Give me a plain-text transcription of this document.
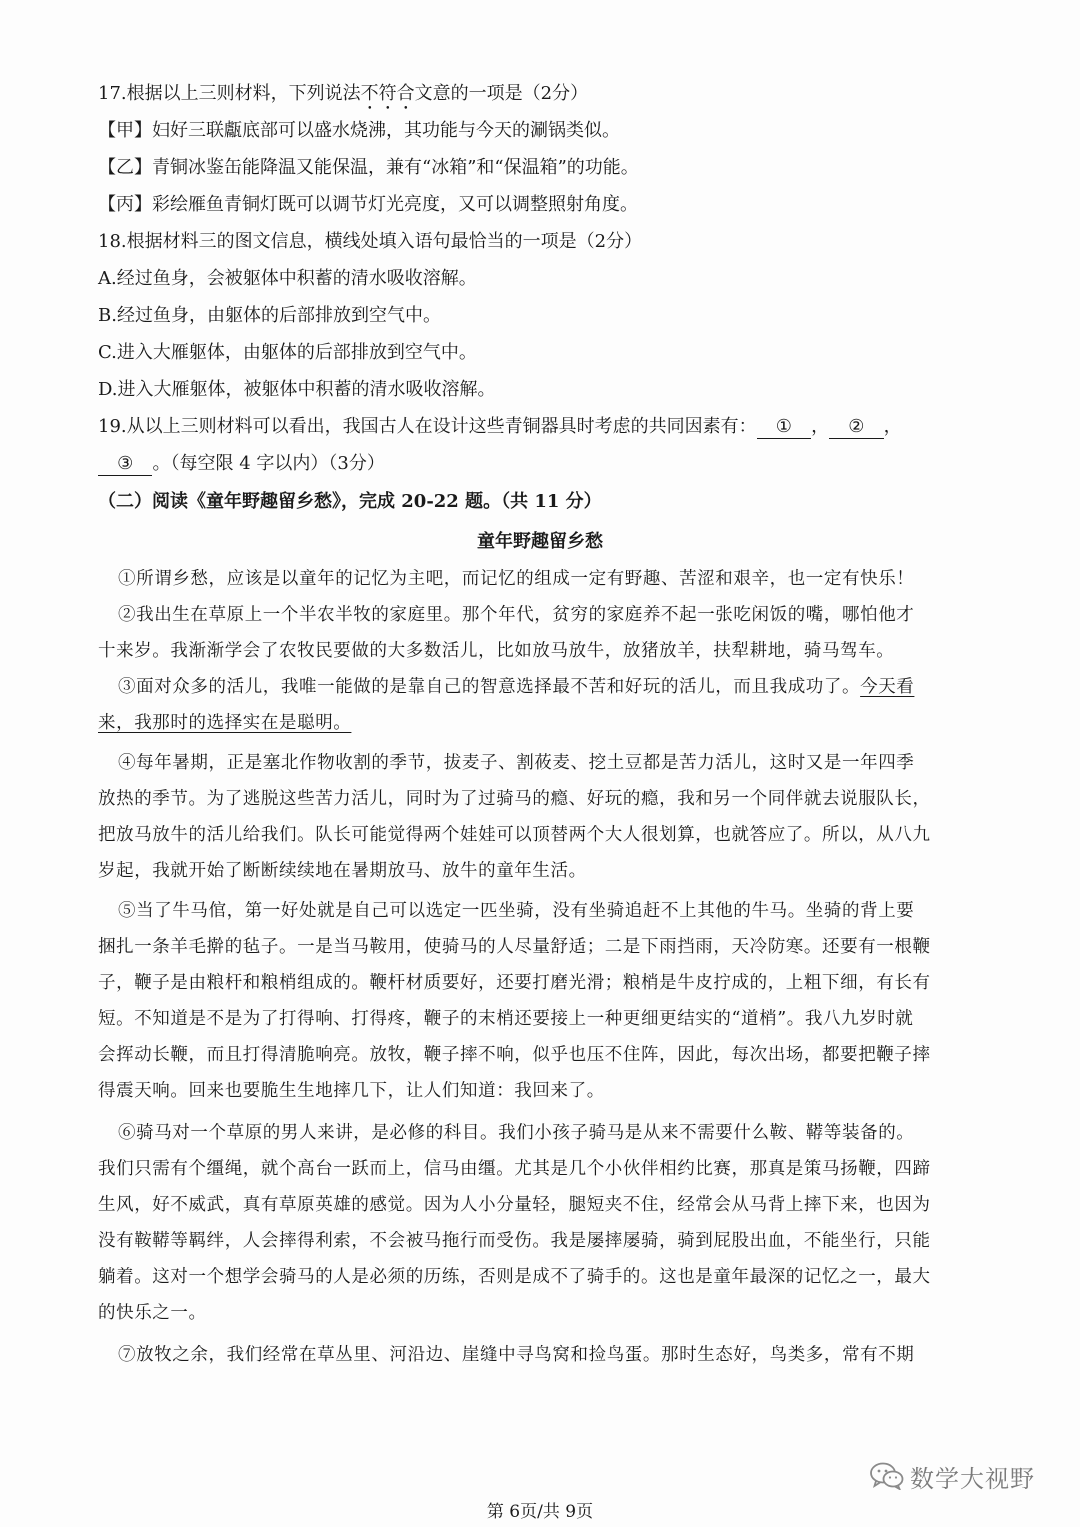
17.根据以上三则材料，下列说法不符合文意的一项是（2分）
【甲】妇好三联甗底部可以盛水烧沸，其功能与今天的涮锅类似。
【乙】青铜冰鉴缶能降温又能保温，兼有“冰箱”和“保温箱”的功能。
【丙】彩绘雁鱼青铜灯既可以调节灯光亮度，又可以调整照射角度。
18.根据材料三的图文信息，横线处填入语句最恰当的一项是（2分）
A.经过鱼身，会被躯体中积蓄的清水吸收溶解。
B.经过鱼身，由躯体的后部排放到空气中。
C.进入大雁躯体，由躯体的后部排放到空气中。
D.进入大雁躯体，被躯体中积蓄的清水吸收溶解。
19.从以上三则材料可以看出，我国古人在设计这些青铜器具时考虑的共同因素有： ① ， ② ，
③ 。（每空限 4 字以内）（3分）
（二）阅读《童年野趣留乡愁》，完成 20-22 题。（共 11 分）
童年野趣留乡愁
①所谓乡愁，应该是以童年的记忆为主吧，而记忆的组成一定有野趣、苦涩和艰辛，也一定有快乐！
②我出生在草原上一个半农半牧的家庭里。那个年代，贫穷的家庭养不起一张吃闲饭的嘴，哪怕他才
十来岁。我渐渐学会了农牧民要做的大多数活儿，比如放马放牛，放猪放羊，扶犁耕地，骑马驾车。
③面对众多的活儿，我唯一能做的是靠自己的智意选择最不苦和好玩的活儿，而且我成功了。今天看
来，我那时的选择实在是聪明。
④每年暑期，正是塞北作物收割的季节，拔麦子、割莜麦、挖土豆都是苦力活儿，这时又是一年四季
放热的季节。为了逃脱这些苦力活儿，同时为了过骑马的瘾、好玩的瘾，我和另一个同伴就去说服队长，
把放马放牛的活儿给我们。队长可能觉得两个娃娃可以顶替两个大人很划算，也就答应了。所以，从八九
岁起，我就开始了断断续续地在暑期放马、放牛的童年生活。
⑤当了牛马倌，第一好处就是自己可以选定一匹坐骑，没有坐骑追赶不上其他的牛马。坐骑的背上要
捆扎一条羊毛擀的毡子。一是当马鞍用，使骑马的人尽量舒适；二是下雨挡雨，天冷防寒。还要有一根鞭
子，鞭子是由粮杆和粮梢组成的。鞭杆材质要好，还要打磨光滑；粮梢是牛皮拧成的，上粗下细，有长有
短。不知道是不是为了打得响、打得疼，鞭子的末梢还要接上一种更细更结实的“道梢”。我八九岁时就
会挥动长鞭，而且打得清脆响亮。放牧，鞭子摔不响，似乎也压不住阵，因此，每次出场，都要把鞭子摔
得震天响。回来也要脆生生地摔几下，让人们知道：我回来了。
⑥骑马对一个草原的男人来讲，是必修的科目。我们小孩子骑马是从来不需要什么鞍、鞯等装备的。
我们只需有个缰绳，就个高台一跃而上，信马由缰。尤其是几个小伙伴相约比赛，那真是策马扬鞭，四蹄
生风，好不威武，真有草原英雄的感觉。因为人小分量轻，腿短夹不住，经常会从马背上摔下来，也因为
没有鞍鞯等羁绊，人会摔得利索，不会被马拖行而受伤。我是屡摔屡骑，骑到屁股出血，不能坐行，只能
躺着。这对一个想学会骑马的人是必须的历练，否则是成不了骑手的。这也是童年最深的记忆之一，最大
的快乐之一。
⑦放牧之余，我们经常在草丛里、河沿边、崖缝中寻鸟窝和捡鸟蛋。那时生态好，鸟类多，常有不期
数学大视野
第 6页/共 9页
